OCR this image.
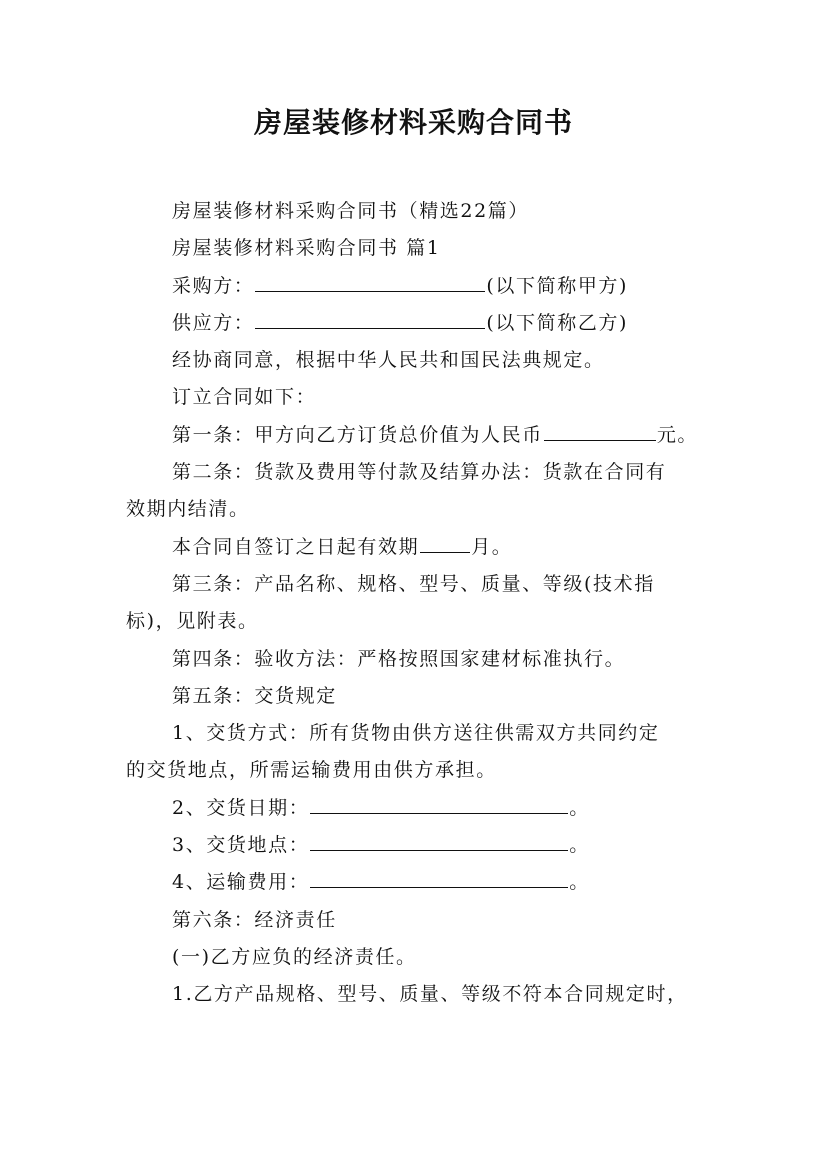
房屋装修材料采购合同书
房屋装修材料采购合同书（精选22篇）
房屋装修材料采购合同书 篇1
采购方：	(以下简称甲方)
供应方：	(以下简称乙方)
经协商同意，根据中华人民共和国民法典规定。
订立合同如下：
第一条：甲方向乙方订货总价值为人民币	元。
第二条：货款及费用等付款及结算办法：货款在合同有
效期内结清。
本合同自签订之日起有效期	月。
第三条：产品名称、规格、型号、质量、等级(技术指
标)，见附表。
第四条：验收方法：严格按照国家建材标准执行。
第五条：交货规定
1、交货方式：所有货物由供方送往供需双方共同约定
的交货地点，所需运输费用由供方承担。
2、交货日期：	。
3、交货地点：	。
4、运输费用：	。
第六条：经济责任
(一)乙方应负的经济责任。
1.乙方产品规格、型号、质量、等级不符本合同规定时，
